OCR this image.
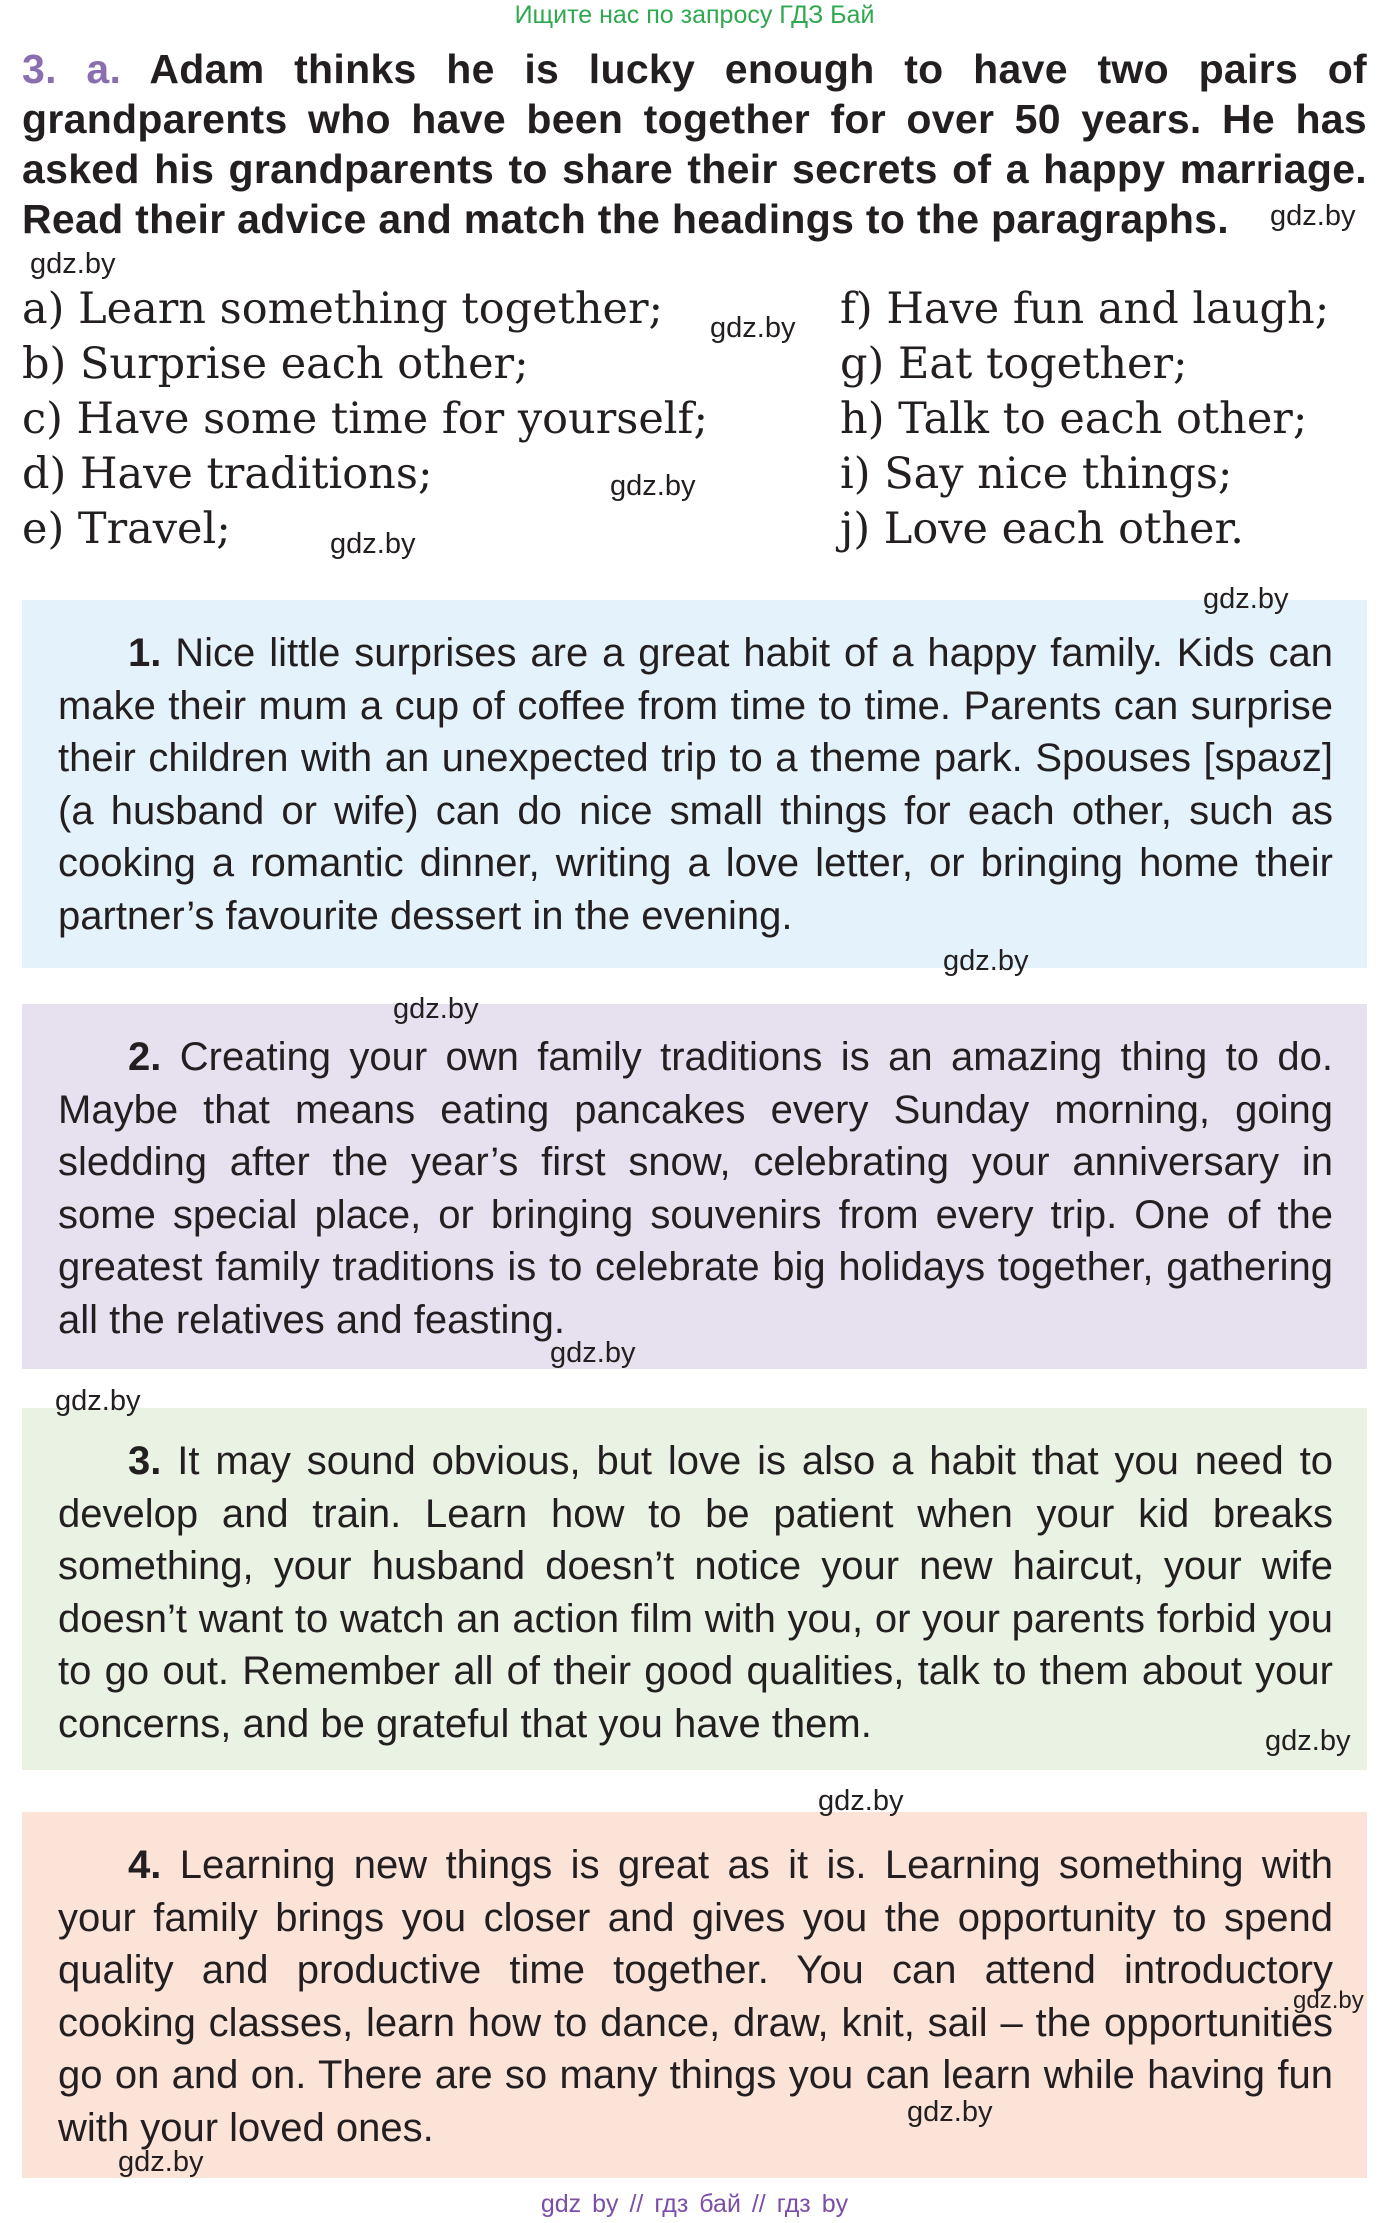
Ищите нас по запросу ГДЗ Бай
3. a. Adam thinks he is lucky enough to have two pairs of grandparents who have been together for over 50 years. He has asked his grandparents to share their secrets of a happy marriage. Read their advice and match the headings to the paragraphs.
a) Learn something together;
b) Surprise each other;
c) Have some time for yourself;
d) Have traditions;
e) Travel;
f) Have fun and laugh;
g) Eat together;
h) Talk to each other;
i) Say nice things;
j) Love each other.

1. Nice little surprises are a great habit of a happy family. Kids can make their mum a cup of coffee from time to time. Parents can surprise their children with an unexpected trip to a theme park. Spouses [spaʊz] (a husband or wife) can do nice small things for each other, such as cooking a romantic dinner, writing a love letter, or bringing home their partner’s favourite dessert in the evening.

2. Creating your own family traditions is an amazing thing to do. Maybe that means eating pancakes every Sunday morning, going sledding after the year’s first snow, celebrating your anniversary in some special place, or bringing souvenirs from every trip. One of the greatest family traditions is to celebrate big holidays together, gathering all the relatives and feasting.

3. It may sound obvious, but love is also a habit that you need to develop and train. Learn how to be patient when your kid breaks something, your husband doesn’t notice your new haircut, your wife doesn’t want to watch an action film with you, or your parents forbid you to go out. Remember all of their good qualities, talk to them about your concerns, and be grateful that you have them.

4. Learning new things is great as it is. Learning something with your family brings you closer and gives you the opportunity to spend quality and productive time together. You can attend introductory cooking classes, learn how to dance, draw, knit, sail – the opportunities go on and on. There are so many things you can learn while having fun with your loved ones.

gdz.by
gdz.by
gdz.by
gdz.by
gdz.by
gdz.by
gdz.by
gdz.by
gdz.by
gdz.by
gdz.by
gdz.by
gdz.by
gdz.by
gdz.by
gdz by // гдз бай // гдз by
